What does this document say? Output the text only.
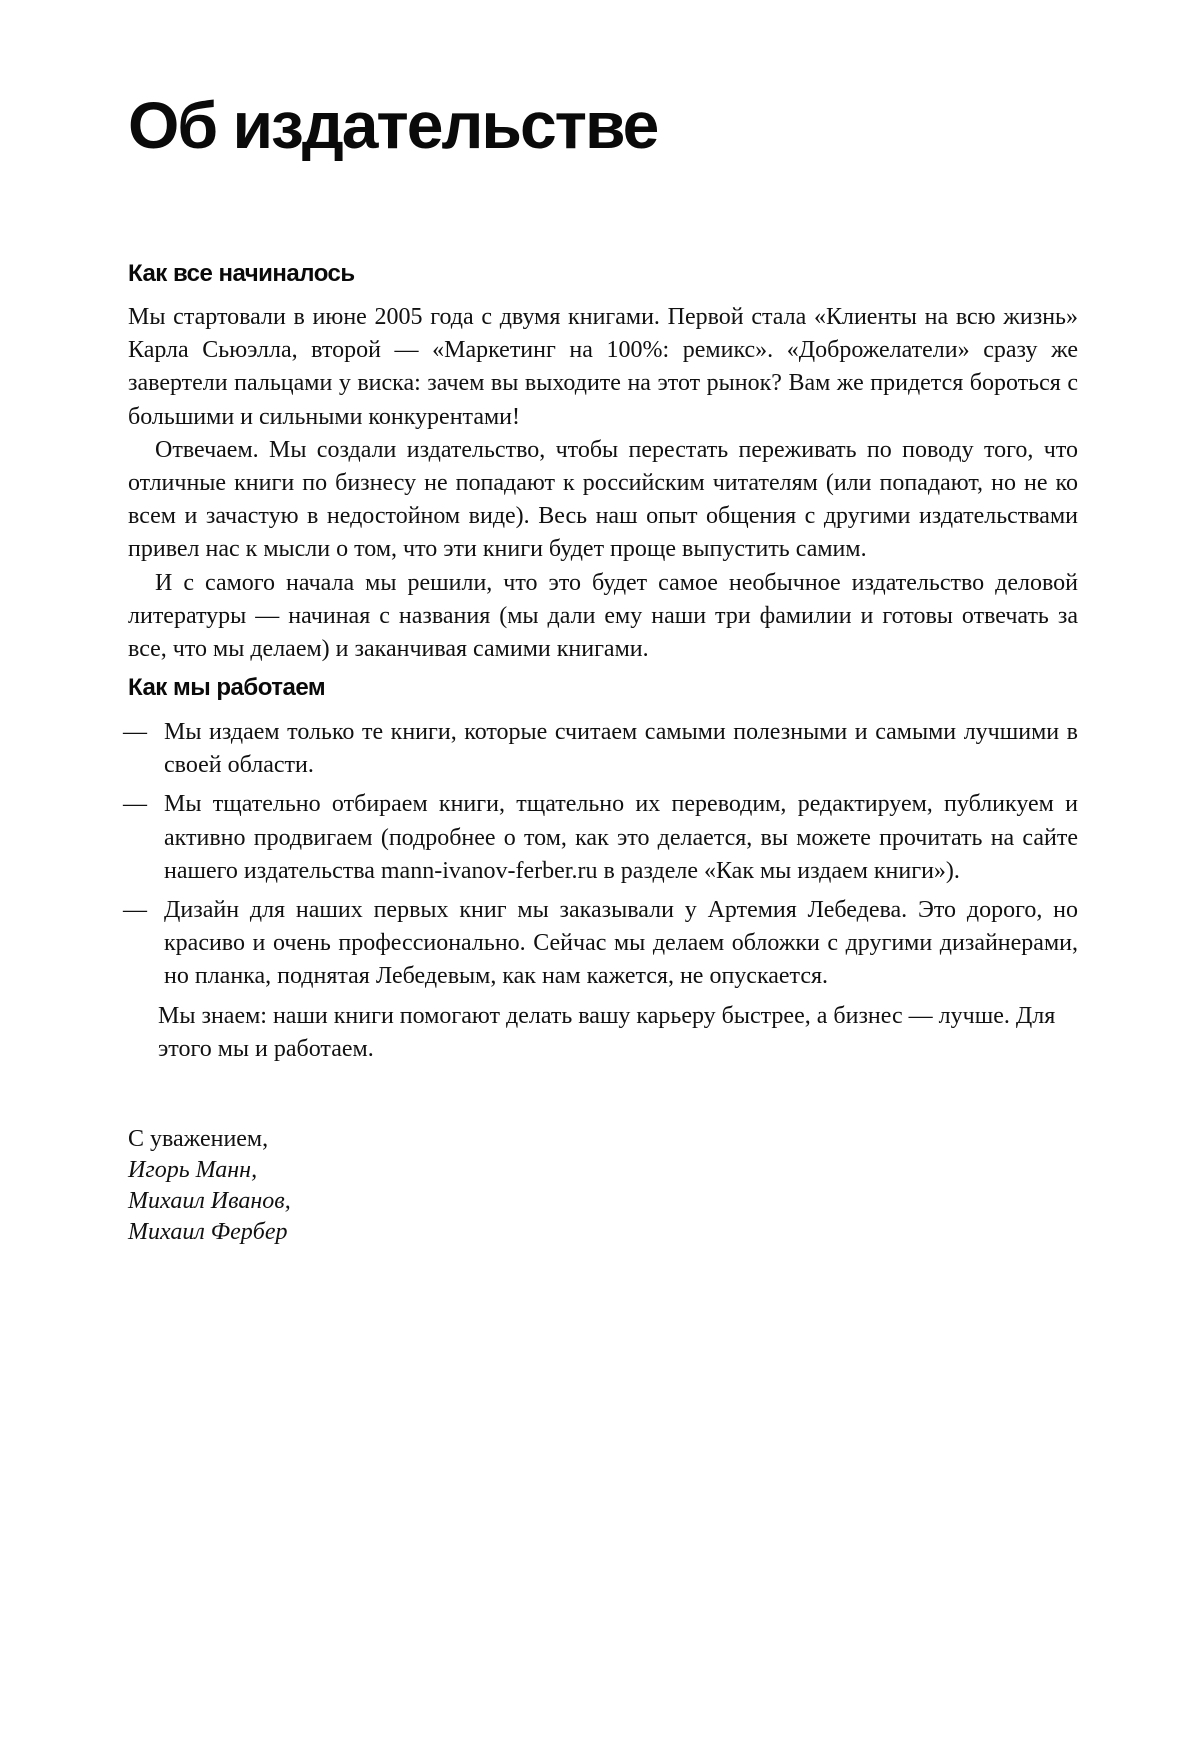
Об издательстве
Как все начиналось

Мы стартовали в июне 2005 года с двумя книгами. Первой стала «Клиенты на всю жизнь» Карла Сьюэлла, второй — «Маркетинг на 100%: ремикс». «Доброжелатели» сразу же завертели пальцами у виска: зачем вы выходите на этот рынок? Вам же придется бороться с большими и сильными конкурентами!

Отвечаем. Мы создали издательство, чтобы перестать переживать по поводу того, что отличные книги по бизнесу не попадают к российским читателям (или попадают, но не ко всем и зачастую в недостойном виде). Весь наш опыт общения с другими издательствами привел нас к мысли о том, что эти книги будет проще выпустить самим.

И с самого начала мы решили, что это будет самое необычное издательство деловой литературы — начиная с названия (мы дали ему наши три фамилии и готовы отвечать за все, что мы делаем) и заканчивая самими книгами.

Как мы работаем
— Мы издаем только те книги, которые считаем самыми полезными и самыми лучшими в своей области.

— Мы тщательно отбираем книги, тщательно их переводим, редактируем, публикуем и активно продвигаем (подробнее о том, как это делается, вы можете прочитать на сайте нашего издательства mann-ivanov-ferber.ru в разделе «Как мы издаем книги»).

— Дизайн для наших первых книг мы заказывали у Артемия Лебедева. Это дорого, но красиво и очень профессионально. Сейчас мы делаем обложки с другими дизайнерами, но планка, поднятая Лебедевым, как нам кажется, не опускается.

Мы знаем: наши книги помогают делать вашу карьеру быстрее, а бизнес — лучше. Для этого мы и работаем.

С уважением,

Игорь Манн,

Михаил Иванов,

Михаил Фербер
